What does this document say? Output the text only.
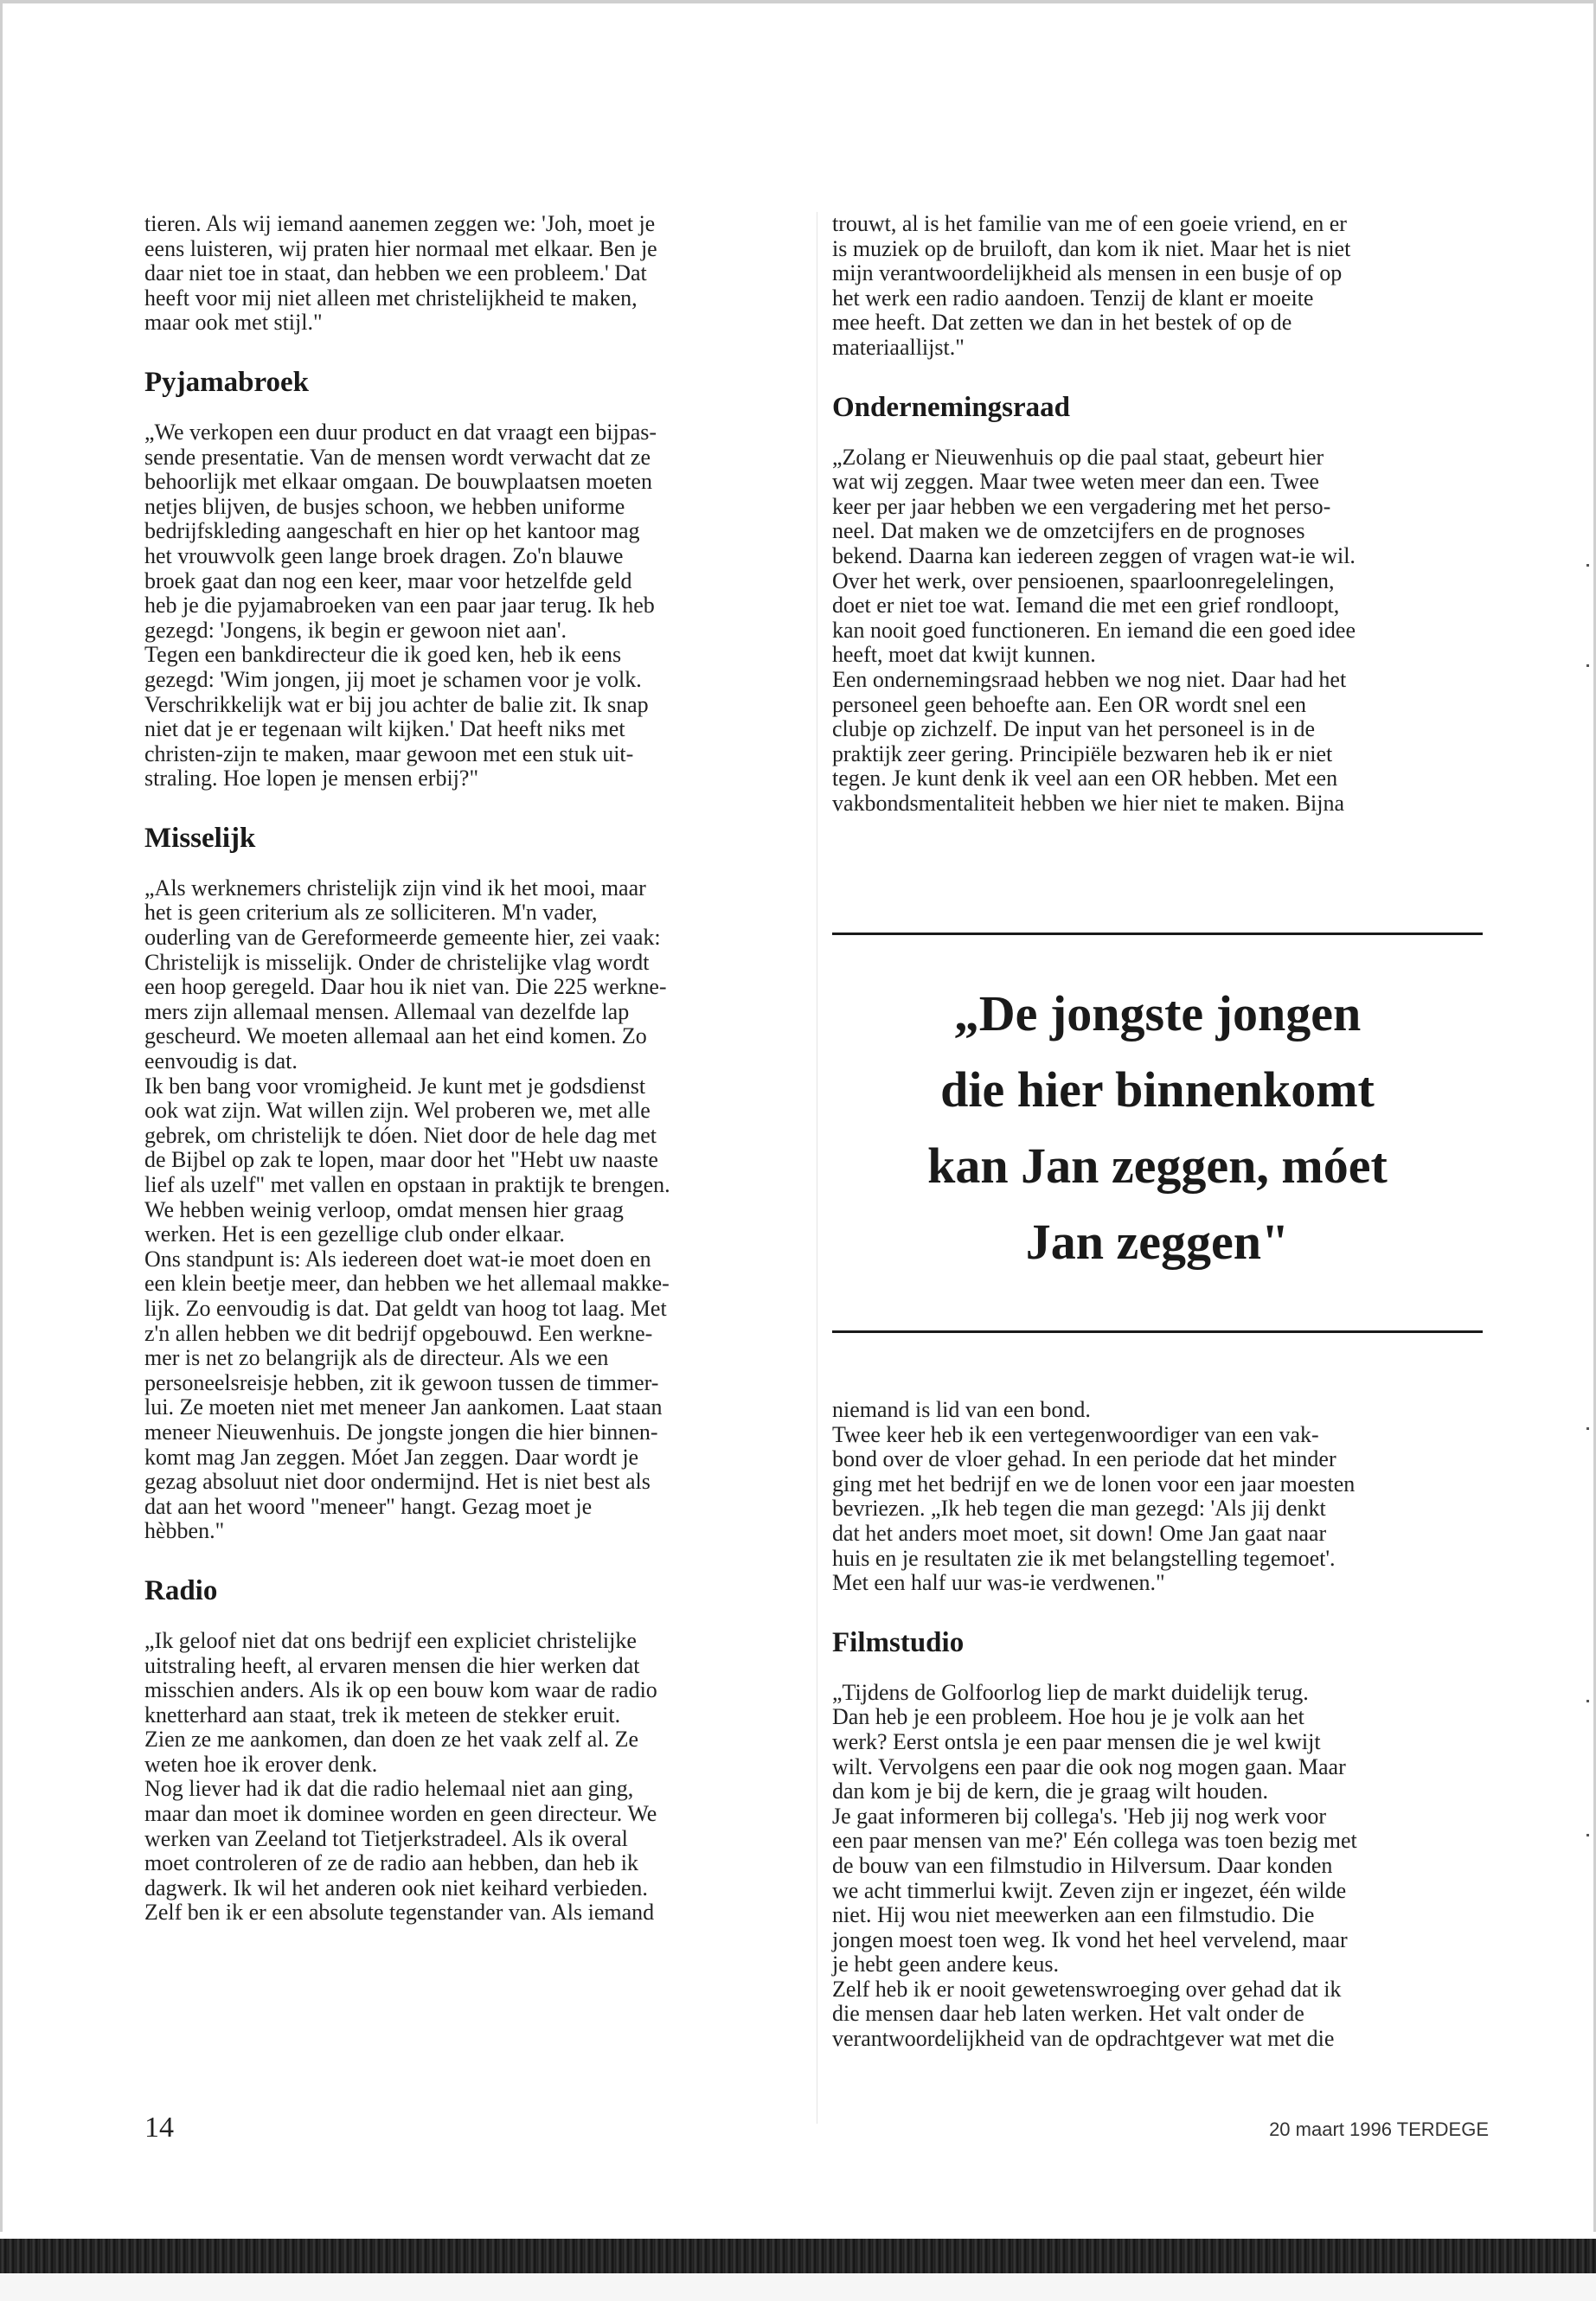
tieren. Als wij iemand aanemen zeggen we: 'Joh, moet je
eens luisteren, wij praten hier normaal met elkaar. Ben je
daar niet toe in staat, dan hebben we een probleem.' Dat
heeft voor mij niet alleen met christelijkheid te maken,
maar ook met stijl."

Pyjamabroek

„We verkopen een duur product en dat vraagt een bijpas-
sende presentatie. Van de mensen wordt verwacht dat ze
behoorlijk met elkaar omgaan. De bouwplaatsen moeten
netjes blijven, de busjes schoon, we hebben uniforme
bedrijfskleding aangeschaft en hier op het kantoor mag
het vrouwvolk geen lange broek dragen. Zo'n blauwe
broek gaat dan nog een keer, maar voor hetzelfde geld
heb je die pyjamabroeken van een paar jaar terug. Ik heb
gezegd: 'Jongens, ik begin er gewoon niet aan'.
Tegen een bankdirecteur die ik goed ken, heb ik eens
gezegd: 'Wim jongen, jij moet je schamen voor je volk.
Verschrikkelijk wat er bij jou achter de balie zit. Ik snap
niet dat je er tegenaan wilt kijken.' Dat heeft niks met
christen-zijn te maken, maar gewoon met een stuk uit-
straling. Hoe lopen je mensen erbij?"

Misselijk

„Als werknemers christelijk zijn vind ik het mooi, maar
het is geen criterium als ze solliciteren. M'n vader,
ouderling van de Gereformeerde gemeente hier, zei vaak:
Christelijk is misselijk. Onder de christelijke vlag wordt
een hoop geregeld. Daar hou ik niet van. Die 225 werkne-
mers zijn allemaal mensen. Allemaal van dezelfde lap
gescheurd. We moeten allemaal aan het eind komen. Zo
eenvoudig is dat.
Ik ben bang voor vromigheid. Je kunt met je godsdienst
ook wat zijn. Wat willen zijn. Wel proberen we, met alle
gebrek, om christelijk te dóen. Niet door de hele dag met
de Bijbel op zak te lopen, maar door het "Hebt uw naaste
lief als uzelf" met vallen en opstaan in praktijk te brengen.
We hebben weinig verloop, omdat mensen hier graag
werken. Het is een gezellige club onder elkaar.
Ons standpunt is: Als iedereen doet wat-ie moet doen en
een klein beetje meer, dan hebben we het allemaal makke-
lijk. Zo eenvoudig is dat. Dat geldt van hoog tot laag. Met
z'n allen hebben we dit bedrijf opgebouwd. Een werkne-
mer is net zo belangrijk als de directeur. Als we een
personeelsreisje hebben, zit ik gewoon tussen de timmer-
lui. Ze moeten niet met meneer Jan aankomen. Laat staan
meneer Nieuwenhuis. De jongste jongen die hier binnen-
komt mag Jan zeggen. Móet Jan zeggen. Daar wordt je
gezag absoluut niet door ondermijnd. Het is niet best als
dat aan het woord "meneer" hangt. Gezag moet je
hèbben."

Radio

„Ik geloof niet dat ons bedrijf een expliciet christelijke
uitstraling heeft, al ervaren mensen die hier werken dat
misschien anders. Als ik op een bouw kom waar de radio
knetterhard aan staat, trek ik meteen de stekker eruit.
Zien ze me aankomen, dan doen ze het vaak zelf al. Ze
weten hoe ik erover denk.
Nog liever had ik dat die radio helemaal niet aan ging,
maar dan moet ik dominee worden en geen directeur. We
werken van Zeeland tot Tietjerkstradeel. Als ik overal
moet controleren of ze de radio aan hebben, dan heb ik
dagwerk. Ik wil het anderen ook niet keihard verbieden.
Zelf ben ik er een absolute tegenstander van. Als iemand

trouwt, al is het familie van me of een goeie vriend, en er
is muziek op de bruiloft, dan kom ik niet. Maar het is niet
mijn verantwoordelijkheid als mensen in een busje of op
het werk een radio aandoen. Tenzij de klant er moeite
mee heeft. Dat zetten we dan in het bestek of op de
materiaallijst."

Ondernemingsraad

„Zolang er Nieuwenhuis op die paal staat, gebeurt hier
wat wij zeggen. Maar twee weten meer dan een. Twee
keer per jaar hebben we een vergadering met het perso-
neel. Dat maken we de omzetcijfers en de prognoses
bekend. Daarna kan iedereen zeggen of vragen wat-ie wil.
Over het werk, over pensioenen, spaarloonregelelingen,
doet er niet toe wat. Iemand die met een grief rondloopt,
kan nooit goed functioneren. En iemand die een goed idee
heeft, moet dat kwijt kunnen.
Een ondernemingsraad hebben we nog niet. Daar had het
personeel geen behoefte aan. Een OR wordt snel een
clubje op zichzelf. De input van het personeel is in de
praktijk zeer gering. Principiële bezwaren heb ik er niet
tegen. Je kunt denk ik veel aan een OR hebben. Met een
vakbondsmentaliteit hebben we hier niet te maken. Bijna

„De jongste jongen
die hier binnenkomt
kan Jan zeggen, móet
Jan zeggen"

niemand is lid van een bond.
Twee keer heb ik een vertegenwoordiger van een vak-
bond over de vloer gehad. In een periode dat het minder
ging met het bedrijf en we de lonen voor een jaar moesten
bevriezen. „Ik heb tegen die man gezegd: 'Als jij denkt
dat het anders moet moet, sit down! Ome Jan gaat naar
huis en je resultaten zie ik met belangstelling tegemoet'.
Met een half uur was-ie verdwenen."

Filmstudio

„Tijdens de Golfoorlog liep de markt duidelijk terug.
Dan heb je een probleem. Hoe hou je je volk aan het
werk? Eerst ontsla je een paar mensen die je wel kwijt
wilt. Vervolgens een paar die ook nog mogen gaan. Maar
dan kom je bij de kern, die je graag wilt houden.
Je gaat informeren bij collega's. 'Heb jij nog werk voor
een paar mensen van me?' Eén collega was toen bezig met
de bouw van een filmstudio in Hilversum. Daar konden
we acht timmerlui kwijt. Zeven zijn er ingezet, één wilde
niet. Hij wou niet meewerken aan een filmstudio. Die
jongen moest toen weg. Ik vond het heel vervelend, maar
je hebt geen andere keus.
Zelf heb ik er nooit gewetenswroeging over gehad dat ik
die mensen daar heb laten werken. Het valt onder de
verantwoordelijkheid van de opdrachtgever wat met die

14	20 maart 1996 TERDEGE
